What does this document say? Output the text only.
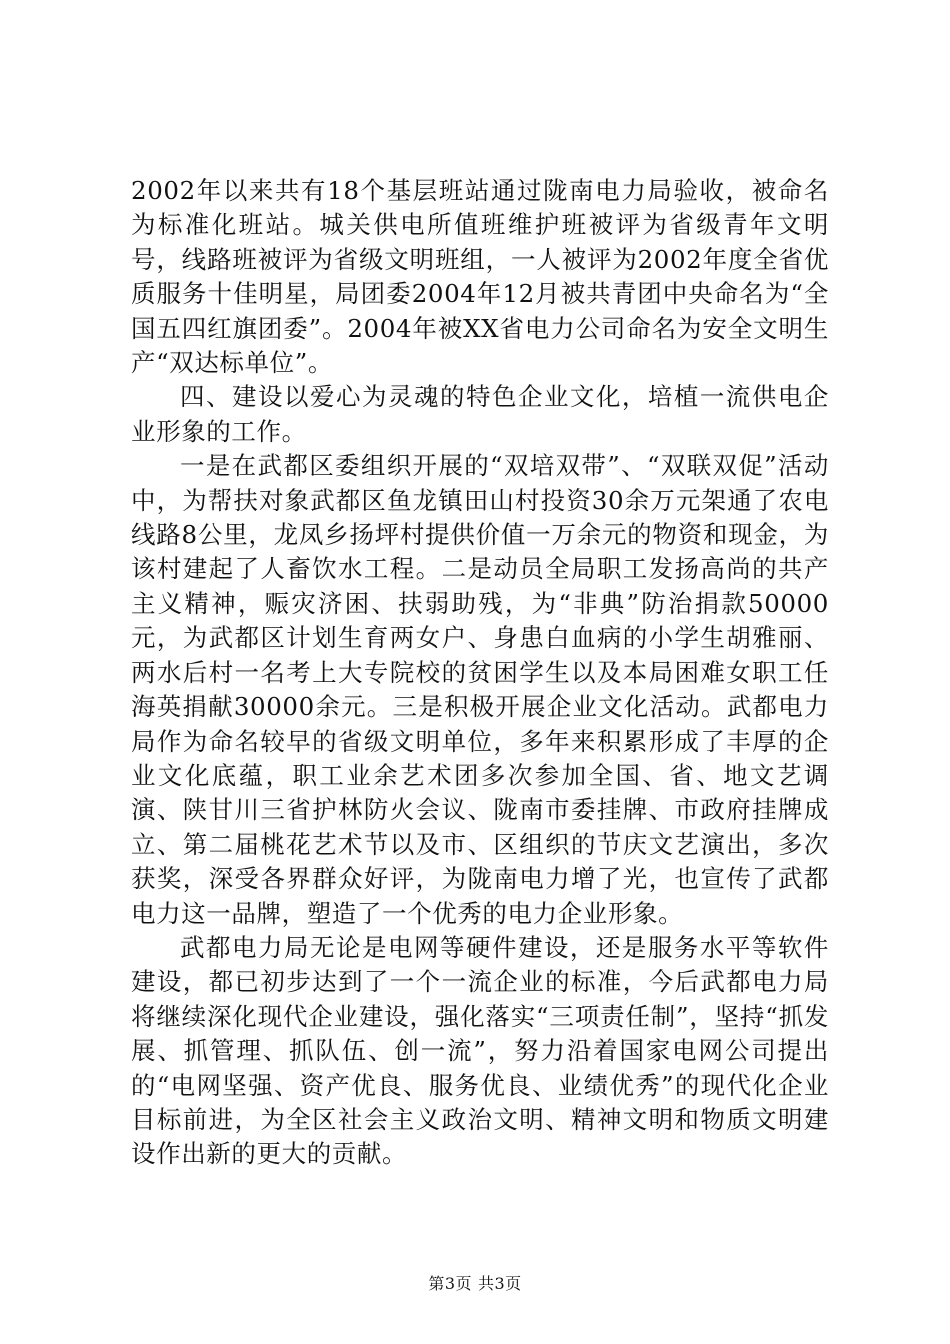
2002年以来共有18个基层班站通过陇南电力局验收，被命名为标准化班站。城关供电所值班维护班被评为省级青年文明号，线路班被评为省级文明班组，一人被评为2002年度全省优质服务十佳明星，局团委2004年12月被共青团中央命名为“全国五四红旗团委”。2004年被XX省电力公司命名为安全文明生产“双达标单位”。

四、建设以爱心为灵魂的特色企业文化，培植一流供电企业形象的工作。

一是在武都区委组织开展的“双培双带”、“双联双促”活动中，为帮扶对象武都区鱼龙镇田山村投资30余万元架通了农电线路8公里，龙凤乡扬坪村提供价值一万余元的物资和现金，为该村建起了人畜饮水工程。二是动员全局职工发扬高尚的共产主义精神，赈灾济困、扶弱助残，为“非典”防治捐款50000元，为武都区计划生育两女户、身患白血病的小学生胡雅丽、两水后村一名考上大专院校的贫困学生以及本局困难女职工任海英捐献30000余元。三是积极开展企业文化活动。武都电力局作为命名较早的省级文明单位，多年来积累形成了丰厚的企业文化底蕴，职工业余艺术团多次参加全国、省、地文艺调演、陕甘川三省护林防火会议、陇南市委挂牌、市政府挂牌成立、第二届桃花艺术节以及市、区组织的节庆文艺演出，多次获奖，深受各界群众好评，为陇南电力增了光，也宣传了武都电力这一品牌，塑造了一个优秀的电力企业形象。

武都电力局无论是电网等硬件建设，还是服务水平等软件建设，都已初步达到了一个一流企业的标准，今后武都电力局将继续深化现代企业建设，强化落实“三项责任制”，坚持“抓发展、抓管理、抓队伍、创一流”，努力沿着国家电网公司提出的“电网坚强、资产优良、服务优良、业绩优秀”的现代化企业目标前进，为全区社会主义政治文明、精神文明和物质文明建设作出新的更大的贡献。

第3页 共3页
